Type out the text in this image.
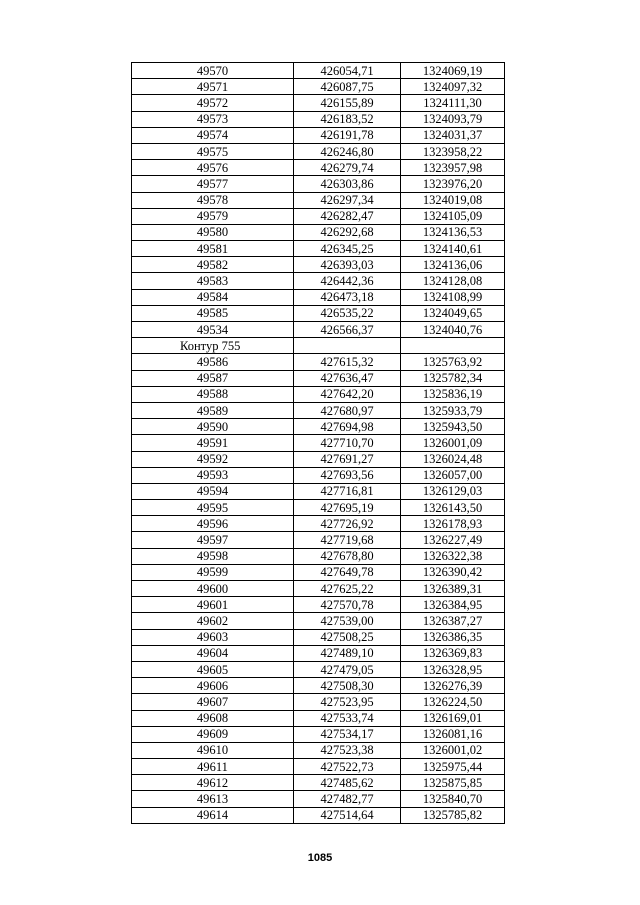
49570	426054,71	1324069,19
49571	426087,75	1324097,32
49572	426155,89	1324111,30
49573	426183,52	1324093,79
49574	426191,78	1324031,37
49575	426246,80	1323958,22
49576	426279,74	1323957,98
49577	426303,86	1323976,20
49578	426297,34	1324019,08
49579	426282,47	1324105,09
49580	426292,68	1324136,53
49581	426345,25	1324140,61
49582	426393,03	1324136,06
49583	426442,36	1324128,08
49584	426473,18	1324108,99
49585	426535,22	1324049,65
49534	426566,37	1324040,76
Контур 755		
49586	427615,32	1325763,92
49587	427636,47	1325782,34
49588	427642,20	1325836,19
49589	427680,97	1325933,79
49590	427694,98	1325943,50
49591	427710,70	1326001,09
49592	427691,27	1326024,48
49593	427693,56	1326057,00
49594	427716,81	1326129,03
49595	427695,19	1326143,50
49596	427726,92	1326178,93
49597	427719,68	1326227,49
49598	427678,80	1326322,38
49599	427649,78	1326390,42
49600	427625,22	1326389,31
49601	427570,78	1326384,95
49602	427539,00	1326387,27
49603	427508,25	1326386,35
49604	427489,10	1326369,83
49605	427479,05	1326328,95
49606	427508,30	1326276,39
49607	427523,95	1326224,50
49608	427533,74	1326169,01
49609	427534,17	1326081,16
49610	427523,38	1326001,02
49611	427522,73	1325975,44
49612	427485,62	1325875,85
49613	427482,77	1325840,70
49614	427514,64	1325785,82
1085
